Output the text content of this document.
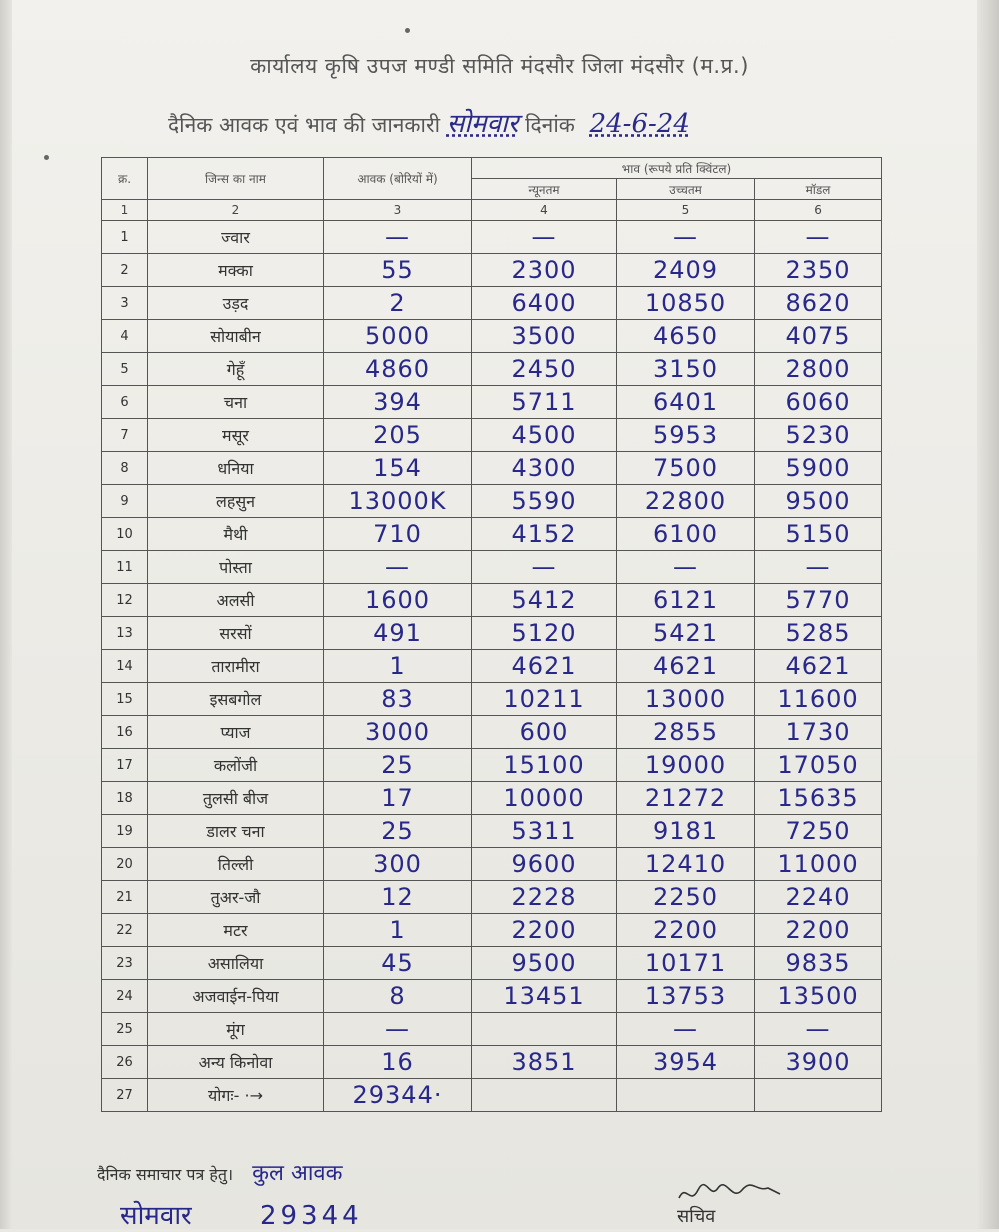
कार्यालय कृषि उपज मण्डी समिति मंदसौर जिला मंदसौर (म.प्र.)
दैनिक आवक एवं भाव की जानकारी सोमवार दिनांक 24-6-24
क्र.	जिन्स का नाम	आवक (बोरियों में)	भाव (रूपये प्रति क्विंटल)		
			न्यूनतम	उच्चतम	मॉडल
1	2	3	4	5	6
1	ज्वार	—	—	—	—
2	मक्का	55	2300	2409	2350
3	उड़द	2	6400	10850	8620
4	सोयाबीन	5000	3500	4650	4075
5	गेहूँ	4860	2450	3150	2800
6	चना	394	5711	6401	6060
7	मसूर	205	4500	5953	5230
8	धनिया	154	4300	7500	5900
9	लहसुन	13000K	5590	22800	9500
10	मैथी	710	4152	6100	5150
11	पोस्ता	—	—	—	—
12	अलसी	1600	5412	6121	5770
13	सरसों	491	5120	5421	5285
14	तारामीरा	1	4621	4621	4621
15	इसबगोल	83	10211	13000	11600
16	प्याज	3000	600	2855	1730
17	कलोंजी	25	15100	19000	17050
18	तुलसी बीज	17	10000	21272	15635
19	डालर चना	25	5311	9181	7250
20	तिल्ली	300	9600	12410	11000
21	तुअर-जौ	12	2228	2250	2240
22	मटर	1	2200	2200	2200
23	असालिया	45	9500	10171	9835
24	अजवाईन-पिया	8	13451	13753	13500
25	मूंग	—		—	—
26	अन्य किनोवा	16	3851	3954	3900
27	योगः- ·→	29344·			
दैनिक समाचार पत्र हेतु। कुल आवक
सोमवार	29344	सचिव
